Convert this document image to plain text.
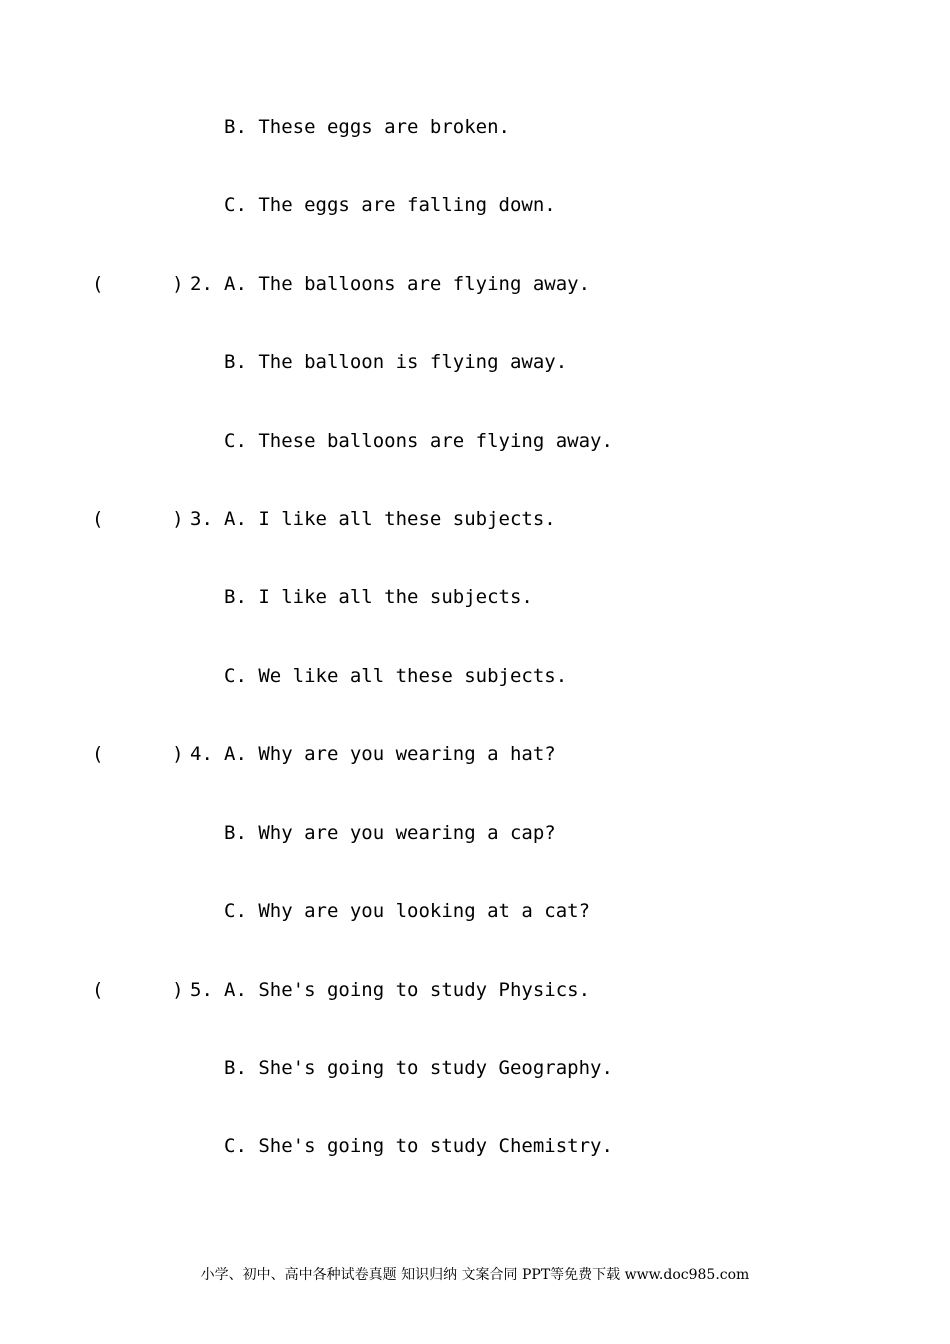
B. These eggs are broken.
C. The eggs are falling down.
(      ) 2. A. The balloons are flying away.
B. The balloon is flying away.
C. These balloons are flying away.
(      ) 3. A. I like all these subjects.
B. I like all the subjects.
C. We like all these subjects.
(      ) 4. A. Why are you wearing a hat?
B. Why are you wearing a cap?
C. Why are you looking at a cat?
(      ) 5. A. She's going to study Physics.
B. She's going to study Geography.
C. She's going to study Chemistry.
小学、初中、高中各种试卷真题 知识归纳 文案合同 PPT等免费下载 www.doc985.com
